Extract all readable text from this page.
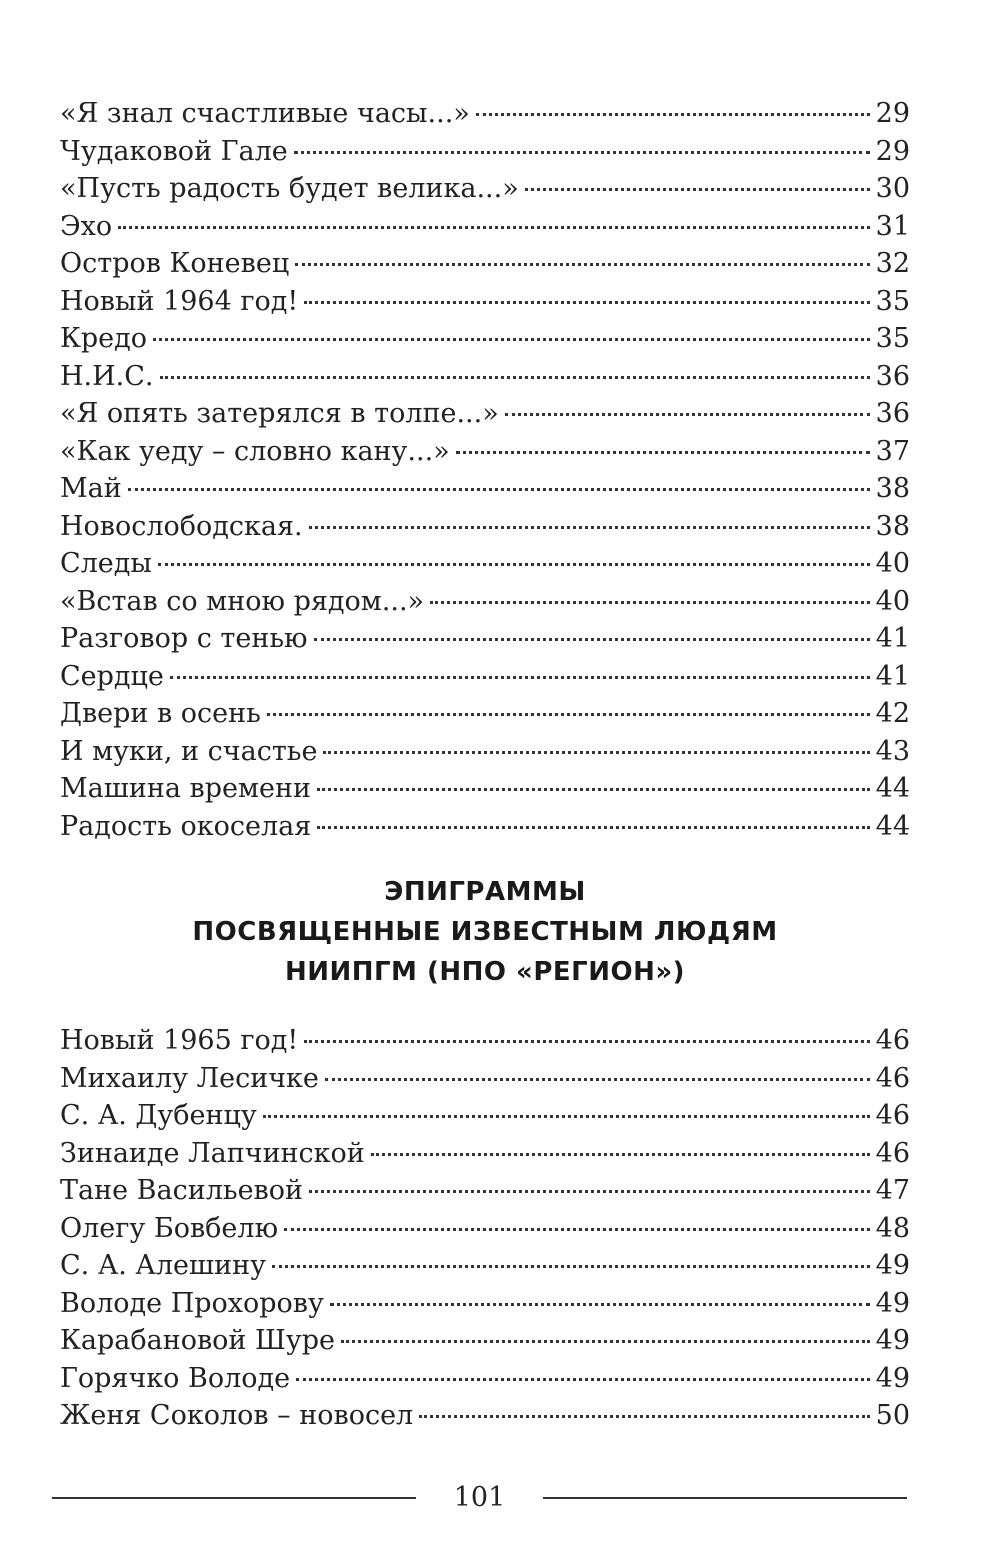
«Я знал счастливые часы...»	29
Чудаковой Гале	29
«Пусть радость будет велика...»	30
Эхо	31
Остров Коневец	32
Новый 1964 год!	35
Кредо	35
Н.И.С.	36
«Я опять затерялся в толпе...»	36
«Как уеду – словно кану...»	37
Май	38
Новослободская.	38
Следы	40
«Встав со мною рядом...»	40
Разговор с тенью	41
Сердце	41
Двери в осень	42
И муки, и счастье	43
Машина времени	44
Радость окоселая	44
ЭПИГРАММЫ
ПОСВЯЩЕННЫЕ ИЗВЕСТНЫМ ЛЮДЯМ
НИИПГМ (НПО «РЕГИОН»)
Новый 1965 год!	46
Михаилу Лесичке	46
С. А. Дубенцу	46
Зинаиде Лапчинской	46
Тане Васильевой	47
Олегу Бовбелю	48
С. А. Алешину	49
Володе Прохорову	49
Карабановой Шуре	49
Горячко Володе	49
Женя Соколов – новосел	50
101
